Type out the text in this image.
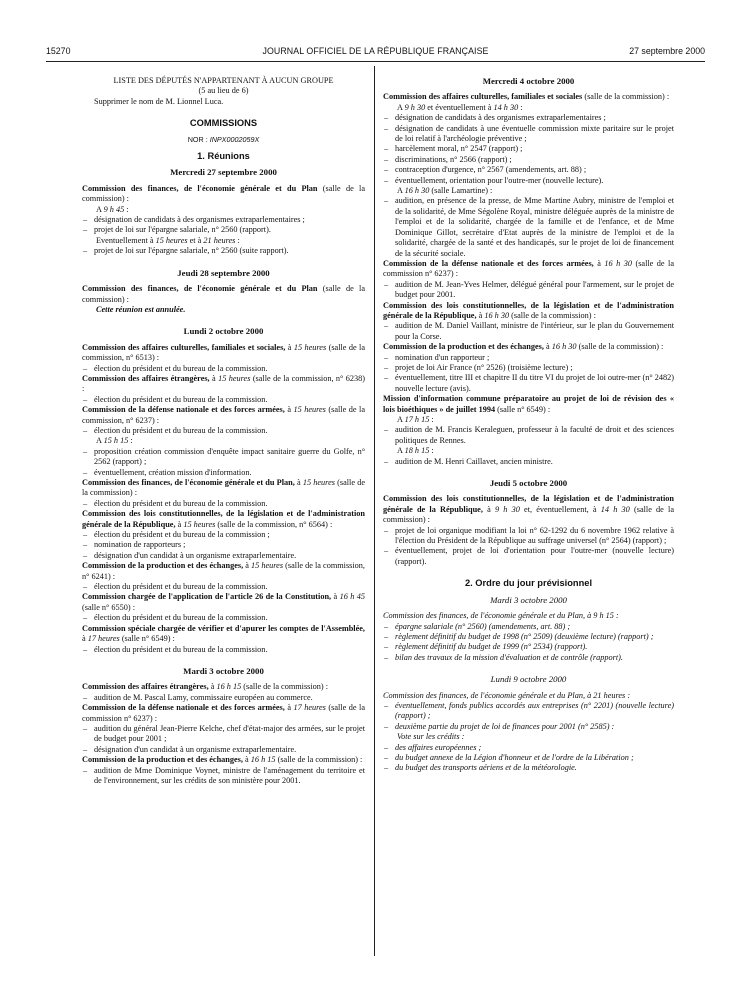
15270	JOURNAL OFFICIEL DE LA RÉPUBLIQUE FRANÇAISE	27 septembre 2000

LISTE DES DÉPUTÉS N'APPARTENANT À AUCUN GROUPE

(5 au lieu de 6)

Supprimer le nom de M. Lionnel Luca.

COMMISSIONS

NOR : INPX0002059X

1. Réunions

Mercredi 27 septembre 2000

Commission des finances, de l'économie générale et du Plan (salle de la commission) :

A 9 h 45 :

– désignation de candidats à des organismes extraparlementaires ;

– projet de loi sur l'épargne salariale, n° 2560 (rapport).

Eventuellement à 15 heures et à 21 heures :

– projet de loi sur l'épargne salariale, n° 2560 (suite rapport).

Jeudi 28 septembre 2000

Commission des finances, de l'économie générale et du Plan (salle de la commission) :

Cette réunion est annulée.

Lundi 2 octobre 2000

Commission des affaires culturelles, familiales et sociales, à 15 heures (salle de la commission, n° 6513) :

– élection du président et du bureau de la commission.

Commission des affaires étrangères, à 15 heures (salle de la commission, n° 6238) :

– élection du président et du bureau de la commission.

Commission de la défense nationale et des forces armées, à 15 heures (salle de la commission, n° 6237) :

– élection du président et du bureau de la commission.

A 15 h 15 :

– proposition création commission d'enquête impact sanitaire guerre du Golfe, n° 2562 (rapport) ;

– éventuellement, création mission d'information.

Commission des finances, de l'économie générale et du Plan, à 15 heures (salle de la commission) :

– élection du président et du bureau de la commission.

Commission des lois constitutionnelles, de la législation et de l'administration générale de la République, à 15 heures (salle de la commission, n° 6564) :

– élection du président et du bureau de la commission ;

– nomination de rapporteurs ;

– désignation d'un candidat à un organisme extraparlementaire.

Commission de la production et des échanges, à 15 heures (salle de la commission, n° 6241) :

– élection du président et du bureau de la commission.

Commission chargée de l'application de l'article 26 de la Constitution, à 16 h 45 (salle n° 6550) :

– élection du président et du bureau de la commission.

Commission spéciale chargée de vérifier et d'apurer les comptes de l'Assemblée, à 17 heures (salle n° 6549) :

– élection du président et du bureau de la commission.

Mardi 3 octobre 2000

Commission des affaires étrangères, à 16 h 15 (salle de la commission) :

– audition de M. Pascal Lamy, commissaire européen au commerce.

Commission de la défense nationale et des forces armées, à 17 heures (salle de la commission n° 6237) :

– audition du général Jean-Pierre Kelche, chef d'état-major des armées, sur le projet de budget pour 2001 ;

– désignation d'un candidat à un organisme extraparlementaire.

Commission de la production et des échanges, à 16 h 15 (salle de la commission) :

– audition de Mme Dominique Voynet, ministre de l'aménagement du territoire et de l'environnement, sur les crédits de son ministère pour 2001.

Mercredi 4 octobre 2000

Commission des affaires culturelles, familiales et sociales (salle de la commission) :

A 9 h 30 et éventuellement à 14 h 30 :

– désignation de candidats à des organismes extraparlementaires ;

– désignation de candidats à une éventuelle commission mixte paritaire sur le projet de loi relatif à l'archéologie préventive ;

– harcèlement moral, n° 2547 (rapport) ;

– discriminations, n° 2566 (rapport) ;

– contraception d'urgence, n° 2567 (amendements, art. 88) ;

– éventuellement, orientation pour l'outre-mer (nouvelle lecture).

A 16 h 30 (salle Lamartine) :

– audition, en présence de la presse, de Mme Martine Aubry, ministre de l'emploi et de la solidarité, de Mme Ségolène Royal, ministre déléguée auprès de la ministre de l'emploi et de la solidarité, chargée de la famille et de l'enfance, et de Mme Dominique Gillot, secrétaire d'Etat auprès de la ministre de l'emploi et de la solidarité, chargée de la santé et des handicapés, sur le projet de loi de financement de la sécurité sociale.

Commission de la défense nationale et des forces armées, à 16 h 30 (salle de la commission n° 6237) :

– audition de M. Jean-Yves Helmer, délégué général pour l'armement, sur le projet de budget pour 2001.

Commission des lois constitutionnelles, de la législation et de l'administration générale de la République, à 16 h 30 (salle de la commission) :

– audition de M. Daniel Vaillant, ministre de l'intérieur, sur le plan du Gouvernement pour la Corse.

Commission de la production et des échanges, à 16 h 30 (salle de la commission) :

– nomination d'un rapporteur ;

– projet de loi Air France (n° 2526) (troisième lecture) ;

– éventuellement, titre III et chapitre II du titre VI du projet de loi outre-mer (n° 2482) nouvelle lecture (avis).

Mission d'information commune préparatoire au projet de loi de révision des « lois bioéthiques » de juillet 1994 (salle n° 6549) :

A 17 h 15 :

– audition de M. Francis Keraleguen, professeur à la faculté de droit et des sciences politiques de Rennes.

A 18 h 15 :

– audition de M. Henri Caillavet, ancien ministre.

Jeudi 5 octobre 2000

Commission des lois constitutionnelles, de la législation et de l'administration générale de la République, à 9 h 30 et, éventuellement, à 14 h 30 (salle de la commission) :

– projet de loi organique modifiant la loi n° 62-1292 du 6 novembre 1962 relative à l'élection du Président de la République au suffrage universel (n° 2564) (rapport) ;

– éventuellement, projet de loi d'orientation pour l'outre-mer (nouvelle lecture) (rapport).

2. Ordre du jour prévisionnel

Mardi 3 octobre 2000

Commission des finances, de l'économie générale et du Plan, à 9 h 15 :

– épargne salariale (n° 2560) (amendements, art. 88) ;

– règlement définitif du budget de 1998 (n° 2509) (deuxième lecture) (rapport) ;

– règlement définitif du budget de 1999 (n° 2534) (rapport).

– bilan des travaux de la mission d'évaluation et de contrôle (rapport).

Lundi 9 octobre 2000

Commission des finances, de l'économie générale et du Plan, à 21 heures :

– éventuellement, fonds publics accordés aux entreprises (n° 2201) (nouvelle lecture) (rapport) ;

– deuxième partie du projet de loi de finances pour 2001 (n° 2585) :

Vote sur les crédits :

– des affaires européennes ;

– du budget annexe de la Légion d'honneur et de l'ordre de la Libération ;

– du budget des transports aériens et de la météorologie.
